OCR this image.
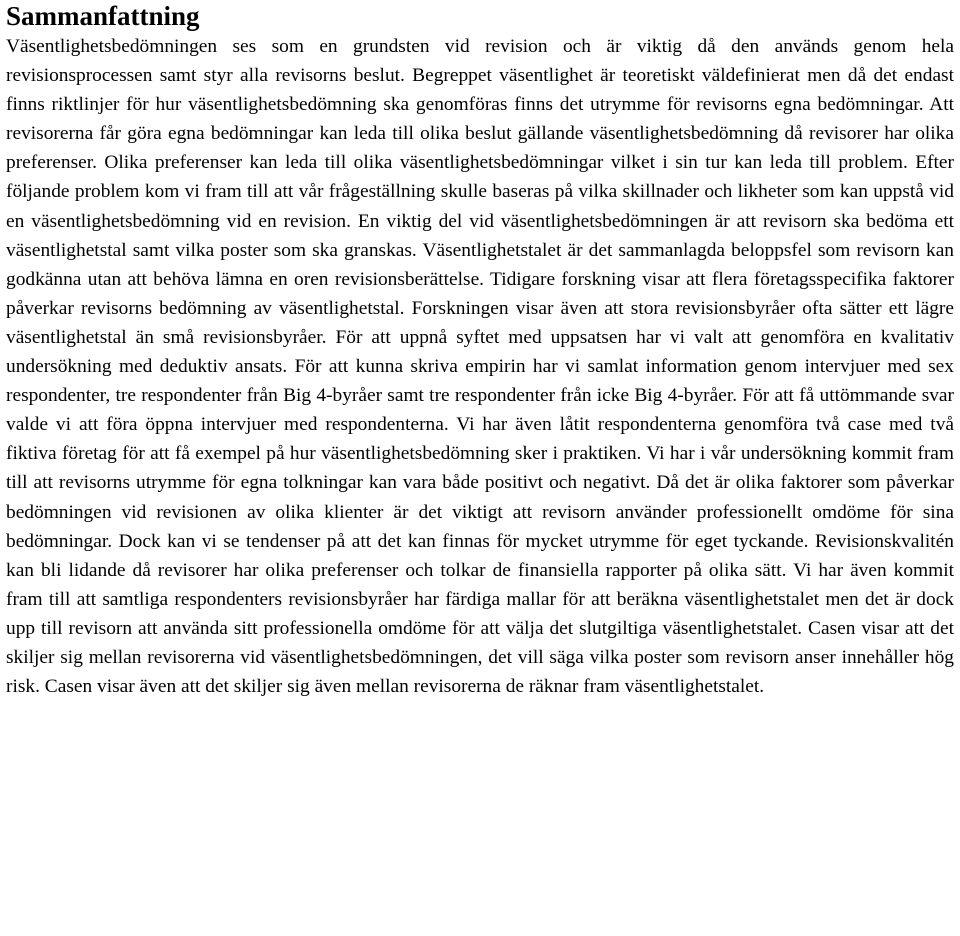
Sammanfattning

Väsentlighetsbedömningen ses som en grundsten vid revision och är viktig då den används genom hela revisionsprocessen samt styr alla revisorns beslut. Begreppet väsentlighet är teoretiskt väldefinierat men då det endast finns riktlinjer för hur väsentlighetsbedömning ska genomföras finns det utrymme för revisorns egna bedömningar. Att revisorerna får göra egna bedömningar kan leda till olika beslut gällande väsentlighetsbedömning då revisorer har olika preferenser. Olika preferenser kan leda till olika väsentlighetsbedömningar vilket i sin tur kan leda till problem. Efter följande problem kom vi fram till att vår frågeställning skulle baseras på vilka skillnader och likheter som kan uppstå vid en väsentlighetsbedömning vid en revision. En viktig del vid väsentlighetsbedömningen är att revisorn ska bedöma ett väsentlighetstal samt vilka poster som ska granskas. Väsentlighetstalet är det sammanlagda beloppsfel som revisorn kan godkänna utan att behöva lämna en oren revisionsberättelse. Tidigare forskning visar att flera företagsspecifika faktorer påverkar revisorns bedömning av väsentlighetstal. Forskningen visar även att stora revisionsbyråer ofta sätter ett lägre väsentlighetstal än små revisionsbyråer. För att uppnå syftet med uppsatsen har vi valt att genomföra en kvalitativ undersökning med deduktiv ansats. För att kunna skriva empirin har vi samlat information genom intervjuer med sex respondenter, tre respondenter från Big 4-byråer samt tre respondenter från icke Big 4-byråer. För att få uttömmande svar valde vi att föra öppna intervjuer med respondenterna. Vi har även låtit respondenterna genomföra två case med två fiktiva företag för att få exempel på hur väsentlighetsbedömning sker i praktiken. Vi har i vår undersökning kommit fram till att revisorns utrymme för egna tolkningar kan vara både positivt och negativt. Då det är olika faktorer som påverkar bedömningen vid revisionen av olika klienter är det viktigt att revisorn använder professionellt omdöme för sina bedömningar. Dock kan vi se tendenser på att det kan finnas för mycket utrymme för eget tyckande. Revisionskvalitén kan bli lidande då revisorer har olika preferenser och tolkar de finansiella rapporter på olika sätt. Vi har även kommit fram till att samtliga respondenters revisionsbyråer har färdiga mallar för att beräkna väsentlighetstalet men det är dock upp till revisorn att använda sitt professionella omdöme för att välja det slutgiltiga väsentlighetstalet. Casen visar att det skiljer sig mellan revisorerna vid väsentlighetsbedömningen, det vill säga vilka poster som revisorn anser innehåller hög risk. Casen visar även att det skiljer sig även mellan revisorerna de räknar fram väsentlighetstalet.
